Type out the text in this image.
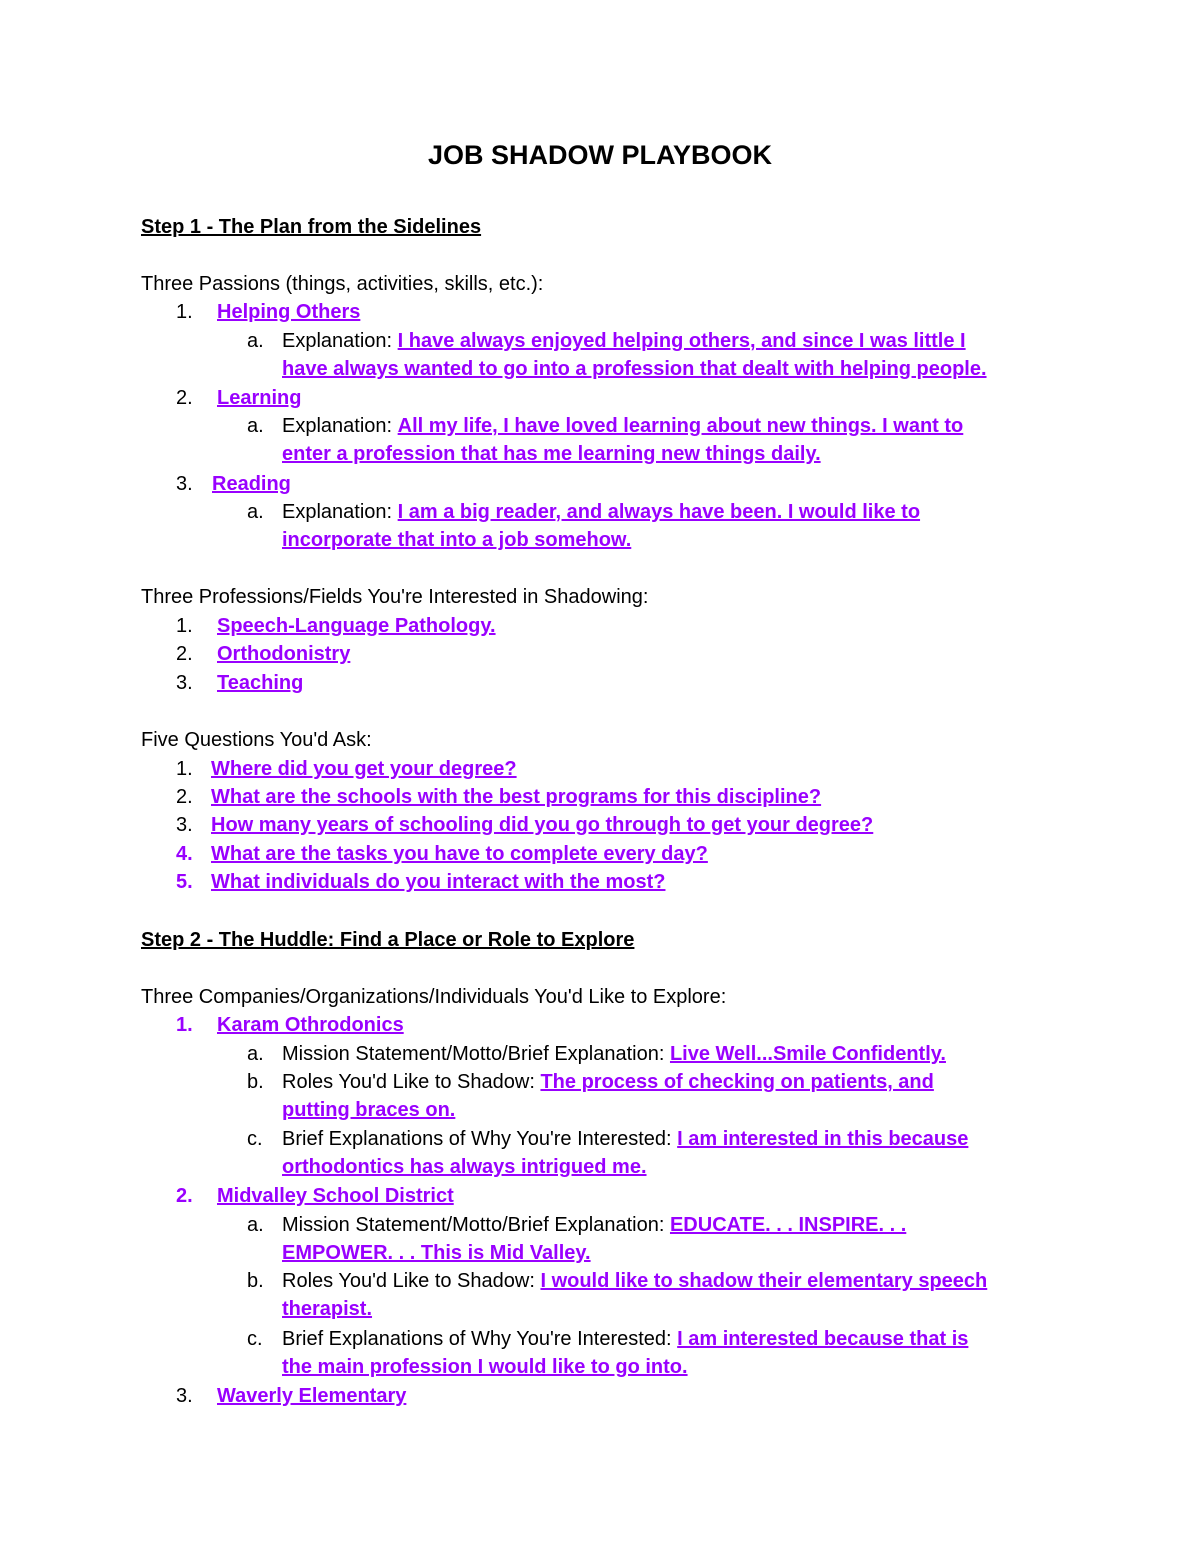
JOB SHADOW PLAYBOOK
Step 1 - The Plan from the Sidelines
Three Passions (things, activities, skills, etc.):
1. Helping Others
a. Explanation: I have always enjoyed helping others, and since I was little I
have always wanted to go into a profession that dealt with helping people.
2. Learning
a. Explanation: All my life, I have loved learning about new things. I want to
enter a profession that has me learning new things daily.
3. Reading
a. Explanation: I am a big reader, and always have been. I would like to
incorporate that into a job somehow.
Three Professions/Fields You're Interested in Shadowing:
1. Speech-Language Pathology.
2. Orthodonistry
3. Teaching
Five Questions You'd Ask:
1. Where did you get your degree?
2. What are the schools with the best programs for this discipline?
3. How many years of schooling did you go through to get your degree?
4. What are the tasks you have to complete every day?
5. What individuals do you interact with the most?
Step 2 - The Huddle: Find a Place or Role to Explore
Three Companies/Organizations/Individuals You'd Like to Explore:
1. Karam Othrodonics
a. Mission Statement/Motto/Brief Explanation: Live Well...Smile Confidently.
b. Roles You'd Like to Shadow: The process of checking on patients, and
putting braces on.
c. Brief Explanations of Why You're Interested: I am interested in this because
orthodontics has always intrigued me.
2. Midvalley School District
a. Mission Statement/Motto/Brief Explanation: EDUCATE. . . INSPIRE. . .
EMPOWER. . . This is Mid Valley.
b. Roles You'd Like to Shadow: I would like to shadow their elementary speech
therapist.
c. Brief Explanations of Why You're Interested: I am interested because that is
the main profession I would like to go into.
3. Waverly Elementary
